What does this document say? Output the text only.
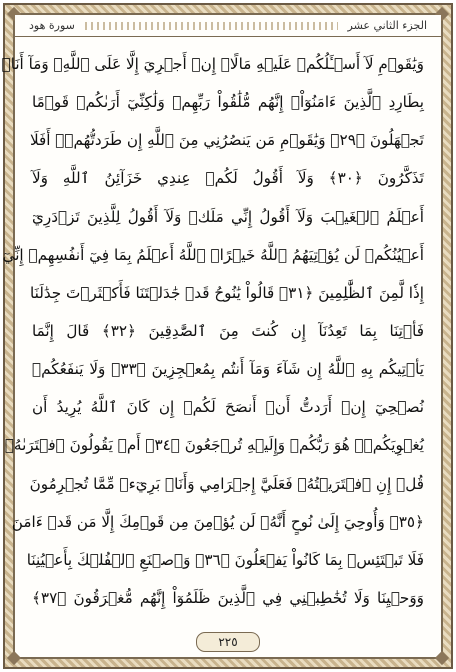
سورة هود	الجزء الثاني عشر
وَيَٰقَوۡمِ لَآ أَسۡـَٔلُكُمۡ عَلَيۡهِ مَالًاۖ إِنۡ أَجۡرِيَ إِلَّا عَلَى ٱللَّهِۚ وَمَآ أَنَا۠
بِطَارِدِ ٱلَّذِينَ ءَامَنُوٓاْۚ إِنَّهُم مُّلَٰقُواْ رَبِّهِمۡ وَلَٰكِنِّيٓ أَرَىٰكُمۡ قَوۡمًا
تَجۡهَلُونَ ﴿٢٩﴾ وَيَٰقَوۡمِ مَن يَنصُرُنِي مِنَ ٱللَّهِ إِن طَرَدتُّهُمۡۚ أَفَلَا
تَذَكَّرُونَ ﴿٣٠﴾ وَلَآ أَقُولُ لَكُمۡ عِندِي خَزَآئِنُ ٱللَّهِ وَلَآ
أَعۡلَمُ ٱلۡغَيۡبَ وَلَآ أَقُولُ إِنِّي مَلَكٞ وَلَآ أَقُولُ لِلَّذِينَ تَزۡدَرِيٓ
أَعۡيُنُكُمۡ لَن يُؤۡتِيَهُمُ ٱللَّهُ خَيۡرًاۖ ٱللَّهُ أَعۡلَمُ بِمَا فِيٓ أَنفُسِهِمۡ إِنِّيٓ
إِذٗا لَّمِنَ ٱلظَّٰلِمِينَ ﴿٣١﴾ قَالُواْ يَٰنُوحُ قَدۡ جَٰدَلۡتَنَا فَأَكۡثَرۡتَ جِدَٰلَنَا
فَأۡتِنَا بِمَا تَعِدُنَآ إِن كُنتَ مِنَ ٱلصَّٰدِقِينَ ﴿٣٢﴾ قَالَ إِنَّمَا
يَأۡتِيكُم بِهِ ٱللَّهُ إِن شَآءَ وَمَآ أَنتُم بِمُعۡجِزِينَ ﴿٣٣﴾ وَلَا يَنفَعُكُمۡ
نُصۡحِيٓ إِنۡ أَرَدتُّ أَنۡ أَنصَحَ لَكُمۡ إِن كَانَ ٱللَّهُ يُرِيدُ أَن
يُغۡوِيَكُمۡۚ هُوَ رَبُّكُمۡ وَإِلَيۡهِ تُرۡجَعُونَ ﴿٣٤﴾ أَمۡ يَقُولُونَ ٱفۡتَرَىٰهُۖ
قُلۡ إِنِ ٱفۡتَرَيۡتُهُۥ فَعَلَيَّ إِجۡرَامِي وَأَنَا۠ بَرِيٓءٞ مِّمَّا تُجۡرِمُونَ
﴿٣٥﴾ وَأُوحِيَ إِلَىٰ نُوحٍ أَنَّهُۥ لَن يُؤۡمِنَ مِن قَوۡمِكَ إِلَّا مَن قَدۡ ءَامَنَ
فَلَا تَبۡتَئِسۡ بِمَا كَانُواْ يَفۡعَلُونَ ﴿٣٦﴾ وَٱصۡنَعِ ٱلۡفُلۡكَ بِأَعۡيُنِنَا
وَوَحۡيِنَا وَلَا تُخَٰطِبۡنِي فِي ٱلَّذِينَ ظَلَمُوٓاْ إِنَّهُم مُّغۡرَقُونَ ﴿٣٧﴾
٢٢٥
